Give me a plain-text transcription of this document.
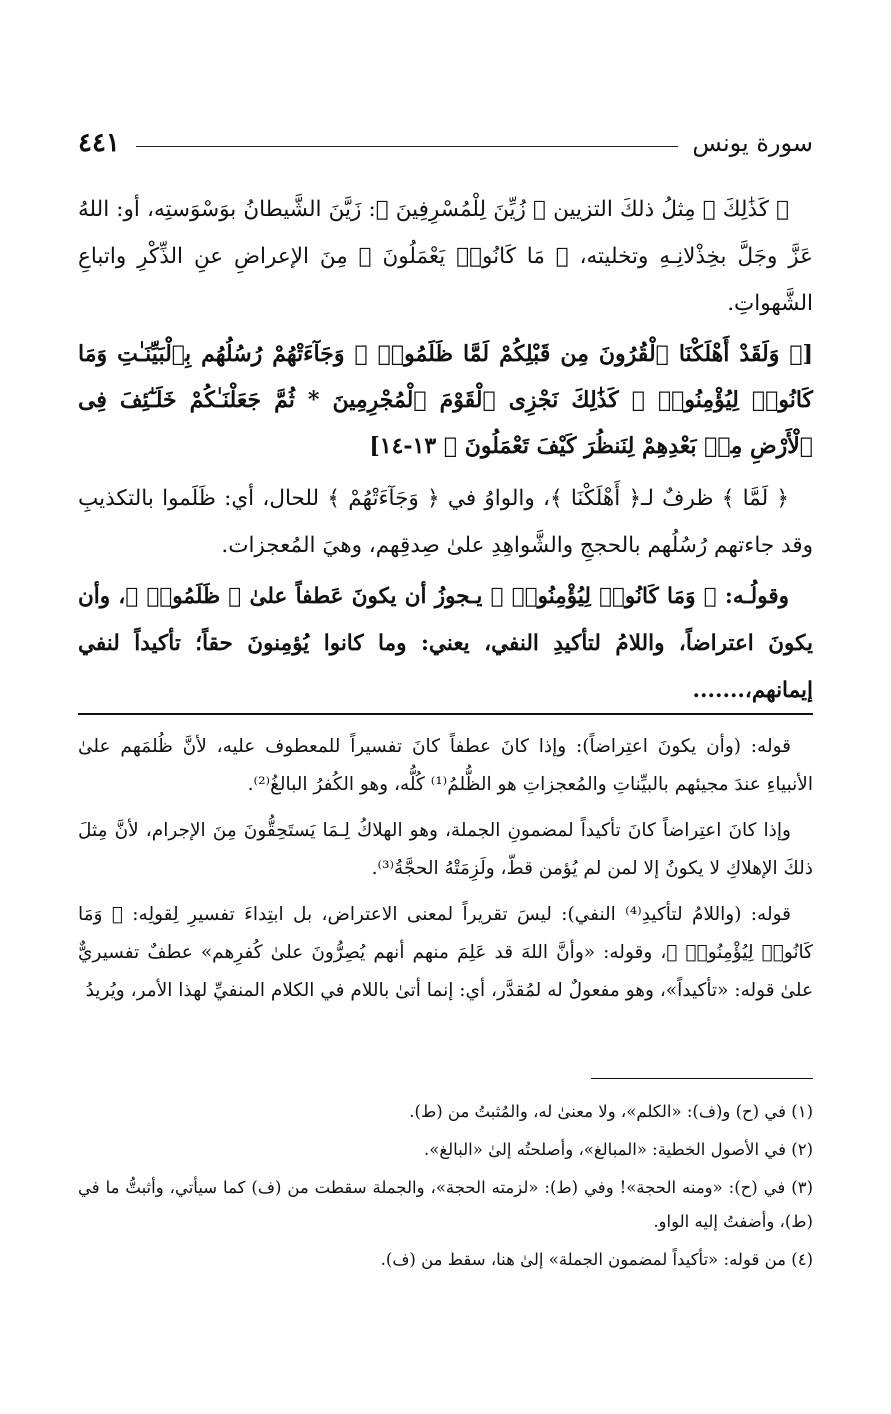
سورة يونس
٤٤١

﴿ كَذَٰلِكَ ﴾ مِثلُ ذلكَ التزيين ﴿ زُيِّنَ لِلْمُسْرِفِينَ ﴾: زَيَّنَ الشَّيطانُ بوَسْوَستِه، أو: اللهُ عَزَّ وجَلَّ بخِذْلانِـهِ وتخليته، ﴿ مَا كَانُوا۟ يَعْمَلُونَ ﴾ مِنَ الإعراضِ عنِ الذِّكْرِ واتباعِ الشَّهواتِ.

[﴿ وَلَقَدْ أَهْلَكْنَا ٱلْقُرُونَ مِن قَبْلِكُمْ لَمَّا ظَلَمُوا۟ ۙ وَجَآءَتْهُمْ رُسُلُهُم بِٱلْبَيِّنَـٰتِ وَمَا كَانُوا۟ لِيُؤْمِنُوا۟ ۚ كَذَٰلِكَ نَجْزِى ٱلْقَوْمَ ٱلْمُجْرِمِينَ * ثُمَّ جَعَلْنَـٰكُمْ خَلَـٰٓئِفَ فِى ٱلْأَرْضِ مِنۢ بَعْدِهِمْ لِنَنظُرَ كَيْفَ تَعْمَلُونَ ﴾ ١٣-١٤]

﴿ لَمَّا ﴾ ظرفٌ لـ﴿ أَهْلَكْنَا ﴾، والواوُ في ﴿ وَجَآءَتْهُمْ ﴾ للحال، أي: ظَلَموا بالتكذيبِ وقد جاءتهم رُسُلُهم بالحججِ والشَّواهِدِ علىٰ صِدقِهم، وهيَ المُعجزات.

وقولُـه: ﴿ وَمَا كَانُوا۟ لِيُؤْمِنُوا۟ ﴾ يـجوزُ أن يكونَ عَطفاً علىٰ ﴿ ظَلَمُوا۟ ﴾، وأن يكونَ اعتراضاً، واللامُ لتأكيدِ النفي، يعني: وما كانوا يُؤمِنونَ حقاً؛ تأكيداً لنفي إيمانهم،.......

قوله: (وأن يكونَ اعتِراضاً): وإذا كانَ عطفاً كانَ تفسيراً للمعطوف عليه، لأنَّ ظُلمَهم علىٰ الأنبياءِ عندَ مجيئهم بالبيِّناتِ والمُعجزاتِ هو الظُّلمُ⁽¹⁾ كُلُّه، وهو الكُفرُ البالغُ⁽²⁾.

وإذا كانَ اعتِراضاً كانَ تأكيداً لمضمونِ الجملة، وهو الهلاكُ لِـمَا يَستَحِقُّونَ مِنَ الإجرام، لأنَّ مِثلَ ذلكَ الإهلاكِ لا يكونُ إلا لمن لم يُؤمن قطّ، ولَزِمَتْهُ الحجَّةُ⁽³⁾.

قوله: (واللامُ لتأكيدِ⁽⁴⁾ النفي): ليسَ تقريراً لمعنى الاعتراض، بل ابتِداءَ تفسيرِ لِقولِه: ﴿ وَمَا كَانُوا۟ لِيُؤْمِنُوا۟ ﴾، وقوله: «وأنَّ اللهَ قد عَلِمَ منهم أنهم يُصِرُّونَ علىٰ كُفرِهم» عطفٌ تفسيريٌّ علىٰ قوله: «تأكيداً»، وهو مفعولٌ له لمُقدَّر، أي: إنما أتىٰ باللام في الكلام المنفيِّ لهذا الأمر، ويُريدُ

(١) في (ح) و(ف): «الكلم»، ولا معنىٰ له، والمُثبتُ من (ط).

(٢) في الأصول الخطية: «المبالغ»، وأصلحتُه إلىٰ «البالغ».

(٣) في (ح): «ومنه الحجة»! وفي (ط): «لزمته الحجة»، والجملة سقطت من (ف) كما سيأتي، وأثبتُّ ما في (ط)، وأضفتُ إليه الواو.

(٤) من قوله: «تأكيداً لمضمون الجملة» إلىٰ هنا، سقط من (ف).
